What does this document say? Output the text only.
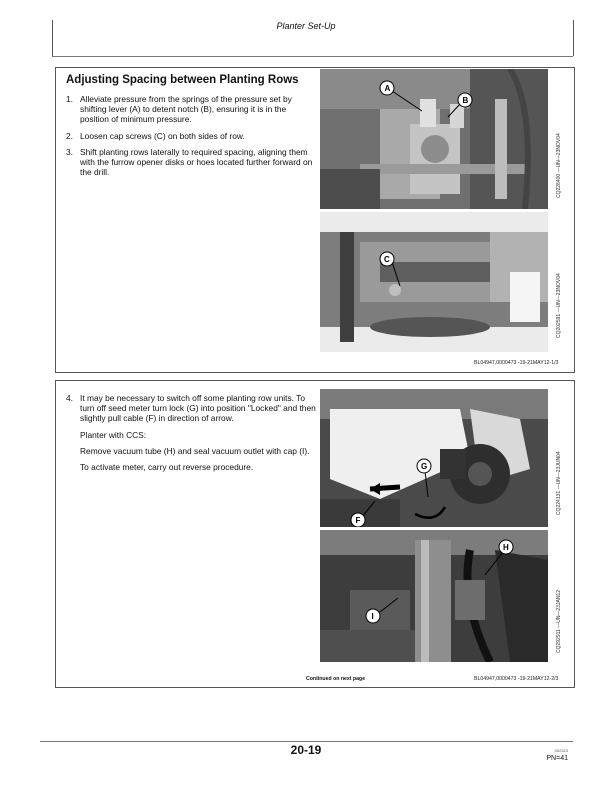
Planter Set-Up
Adjusting Spacing between Planting Rows
1. Alleviate pressure from the springs of the pressure set by shifting lever (A) to detent notch (B), ensuring it is in the position of minimum pressure.
2. Loosen cap screws (C) on both sides of row.
3. Shift planting rows laterally to required spacing, aligning them with the furrow opener disks or hoes located further forward on the drill.
A
B
CQ228400 —UN—23NOV04
C
CQ202591 —UN—23NOV04
BL04947,0000473 -19-21MAY12-1/3
4. It may be necessary to switch off some planting row units. To turn off seed meter turn lock (G) into position "Locked" and then slightly pull cable (F) in direction of arrow.
Planter with CCS:
Remove vacuum tube (H) and seal vacuum outlet with cap (I).
To activate meter, carry out reverse procedure.	G
F
CQ224131 —UN—23JUN04
H
I	CQ292911 —UN—23JAN12
Continued on next page	BL04947,0000473 -19-21MAY12-2/3
20-19	052323
PN=41
